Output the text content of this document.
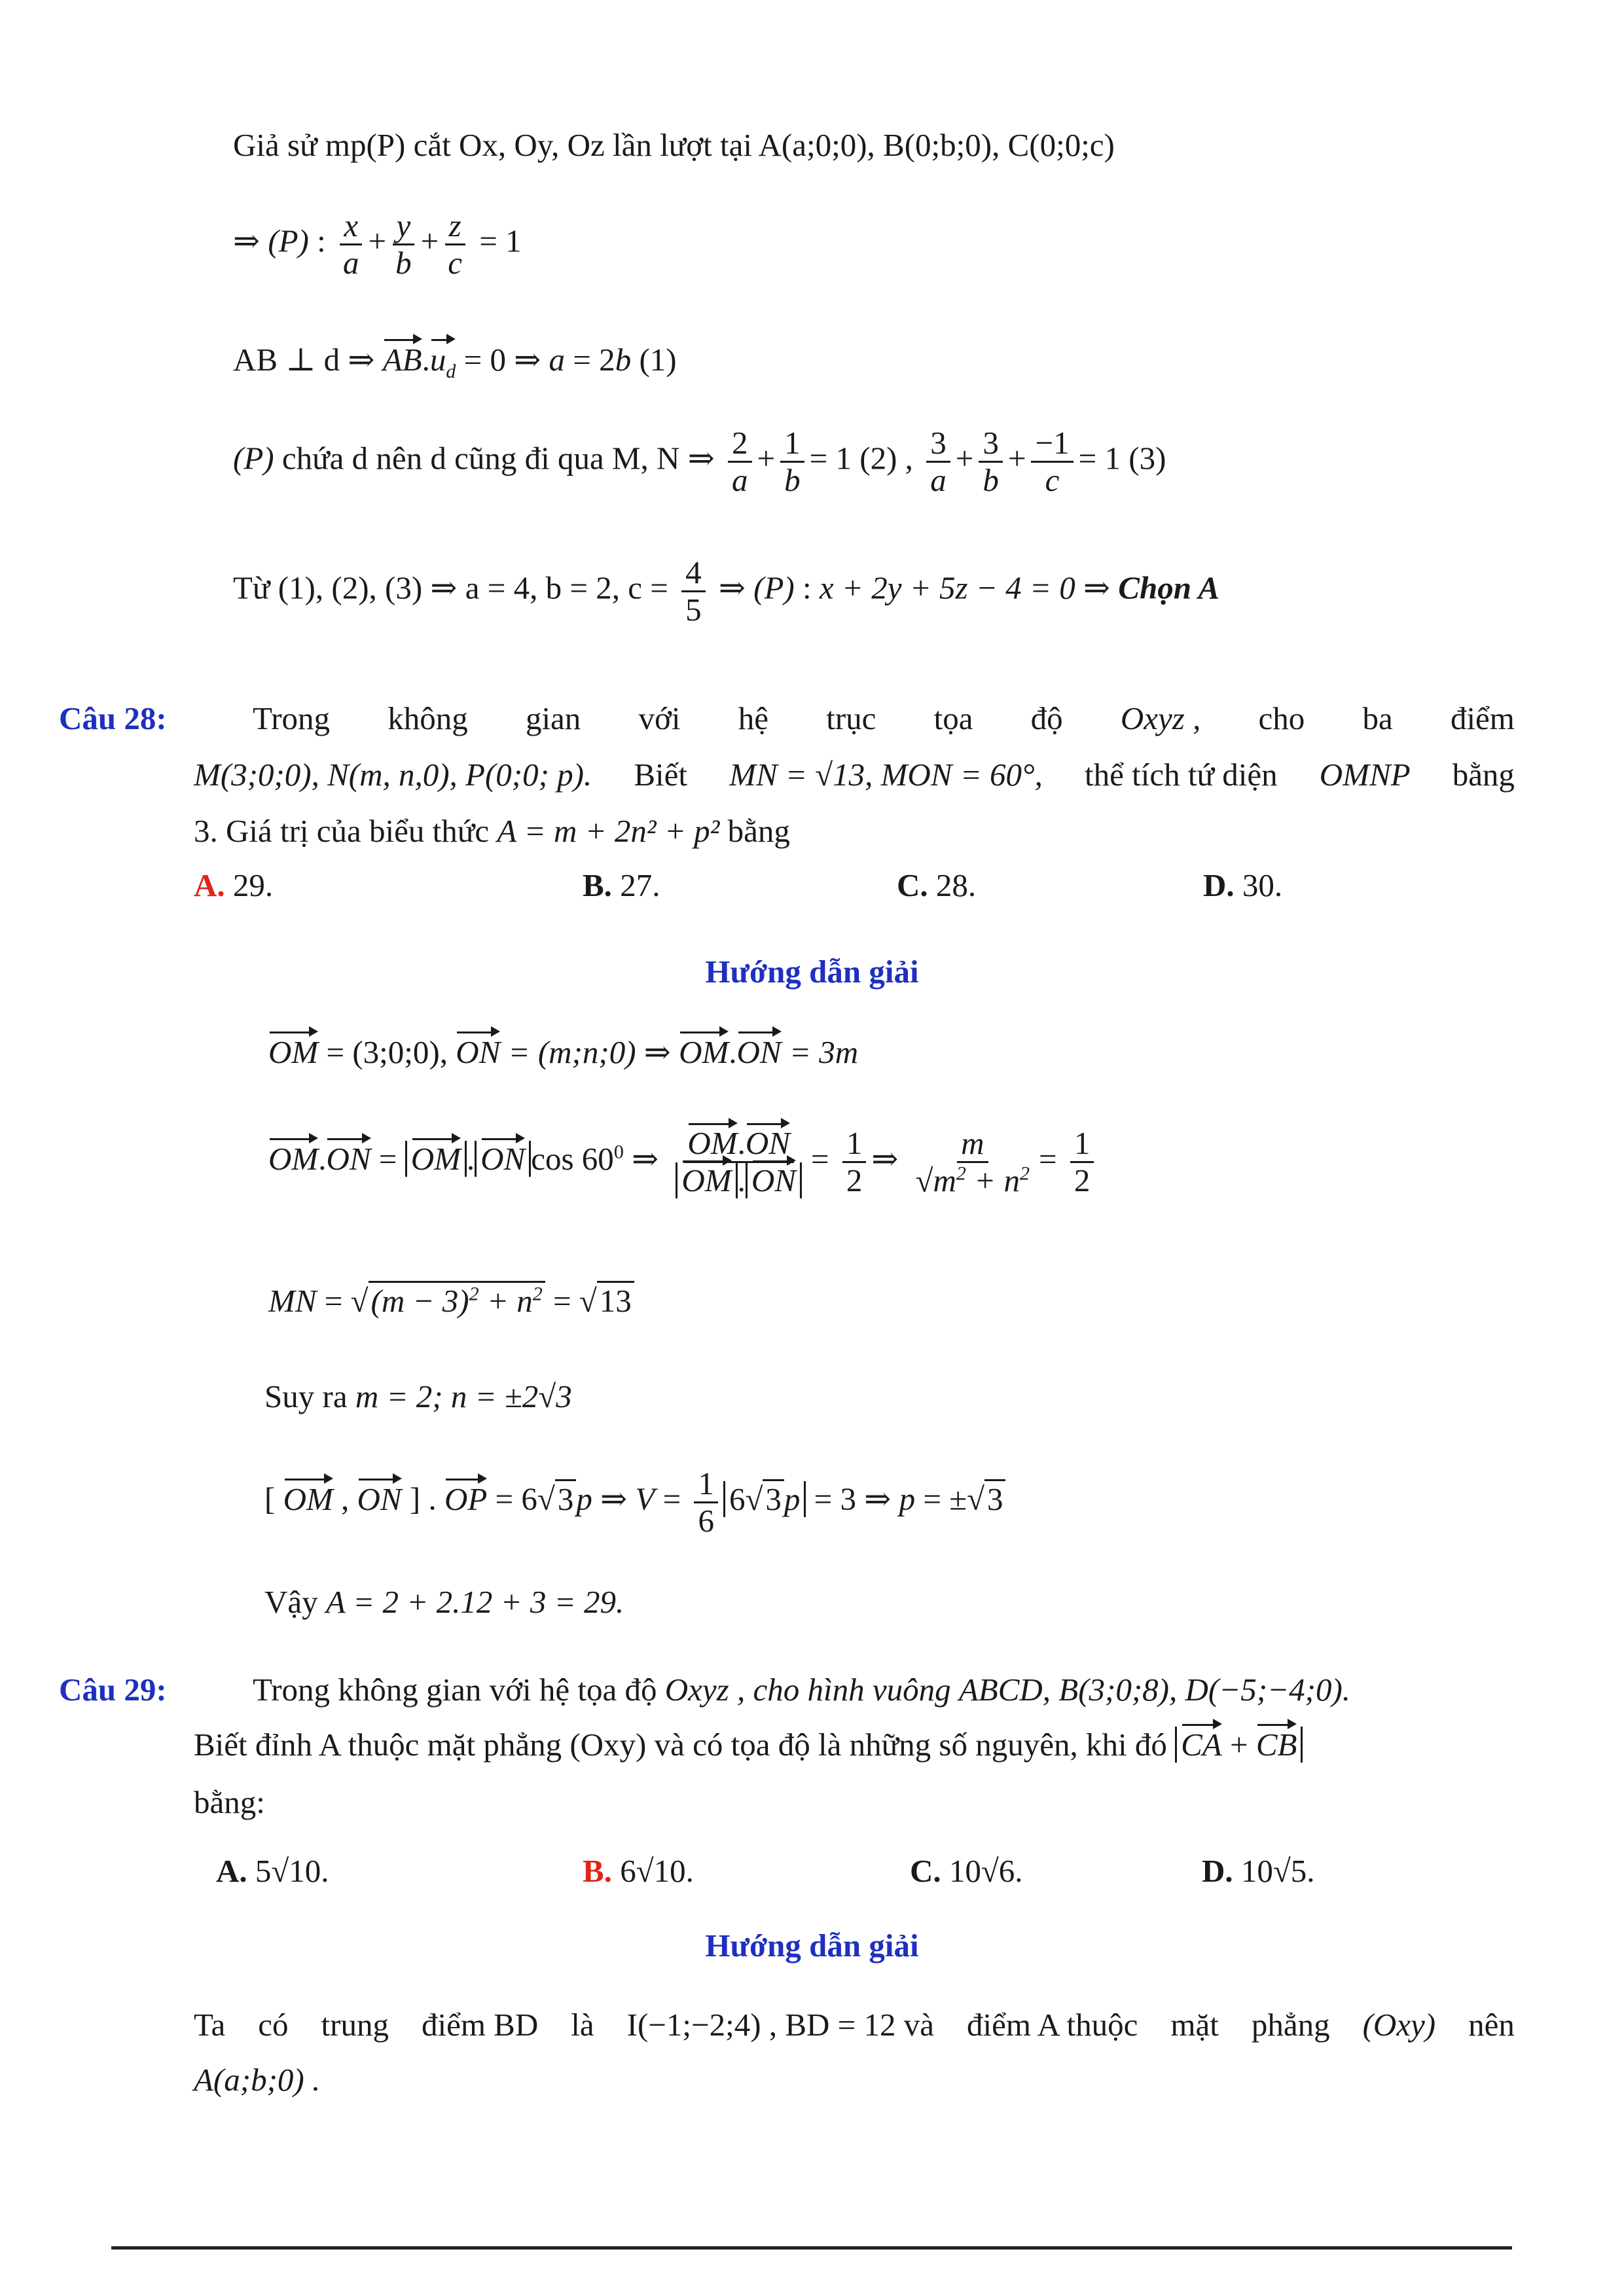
Giả sử mp(P) cắt Ox, Oy, Oz lần lượt tại A(a;0;0), B(0;b;0), C(0;0;c)
⇒ (P) : $\frac{x}{a} + \frac{y}{b} + \frac{z}{c} = 1$
AB ⊥ d ⇒ $AB.u_d = 0$ ⇒ a = 2b (1)
(P) chứa d nên d cũng đi qua M, N ⇒ $\frac{2}{a} + \frac{1}{b} = 1$ (2) , $\frac{3}{a} + \frac{3}{b} + \frac{-1}{c} = 1$ (3)
Từ (1), (2), (3) ⇒ a = 4, b = 2, $c = \frac{4}{5}$ ⇒ (P) : x + 2y + 5z − 4 = 0 ⇒ Chọn A
Câu 28:	Trong không gian với hệ trục tọa độ Oxyz , cho ba điểm
M(3;0;0), N(m, n,0), P(0;0; p). Biết MN = √13, MON = 60°, thể tích tứ diện OMNP bằng
3. Giá trị của biểu thức A = m + 2n² + p² bằng
A. 29.	B. 27.	C. 28.	D. 30.
Hướng dẫn giải
OM = (3;0;0), ON = (m;n;0) ⇒ OM.ON = 3m
OM.ON = OM . ON $\cos 60^0$ ⇒ $\frac{OM.ON}{OM . ON} = \frac{1}{2}$ ⇒ $\frac{m}{√m^2 + n^2} = \frac{1}{2}$
MN = $√(m - 3)^2 + n^2 = √13$
Suy ra m = 2; n = ±2√3
[ OM , ON ] . OP = 6√3p ⇒ $V = \frac{1}{6} 6√3p = 3$ ⇒ p = ±√3
Vậy A = 2 + 2.12 + 3 = 29.
Câu 29:	Trong không gian với hệ tọa độ Oxyz , cho hình vuông ABCD, B(3;0;8), D(−5;−4;0).
Biết đỉnh A thuộc mặt phẳng (Oxy) và có tọa độ là những số nguyên, khi đó CA + CB
bằng:
A. 5√10.	B. 6√10.	C. 10√6.	D. 10√5.
Hướng dẫn giải
Ta có trung điểm BD là I(−1;−2;4) , BD = 12 và điểm A thuộc mặt phẳng (Oxy) nên
A(a;b;0) .
